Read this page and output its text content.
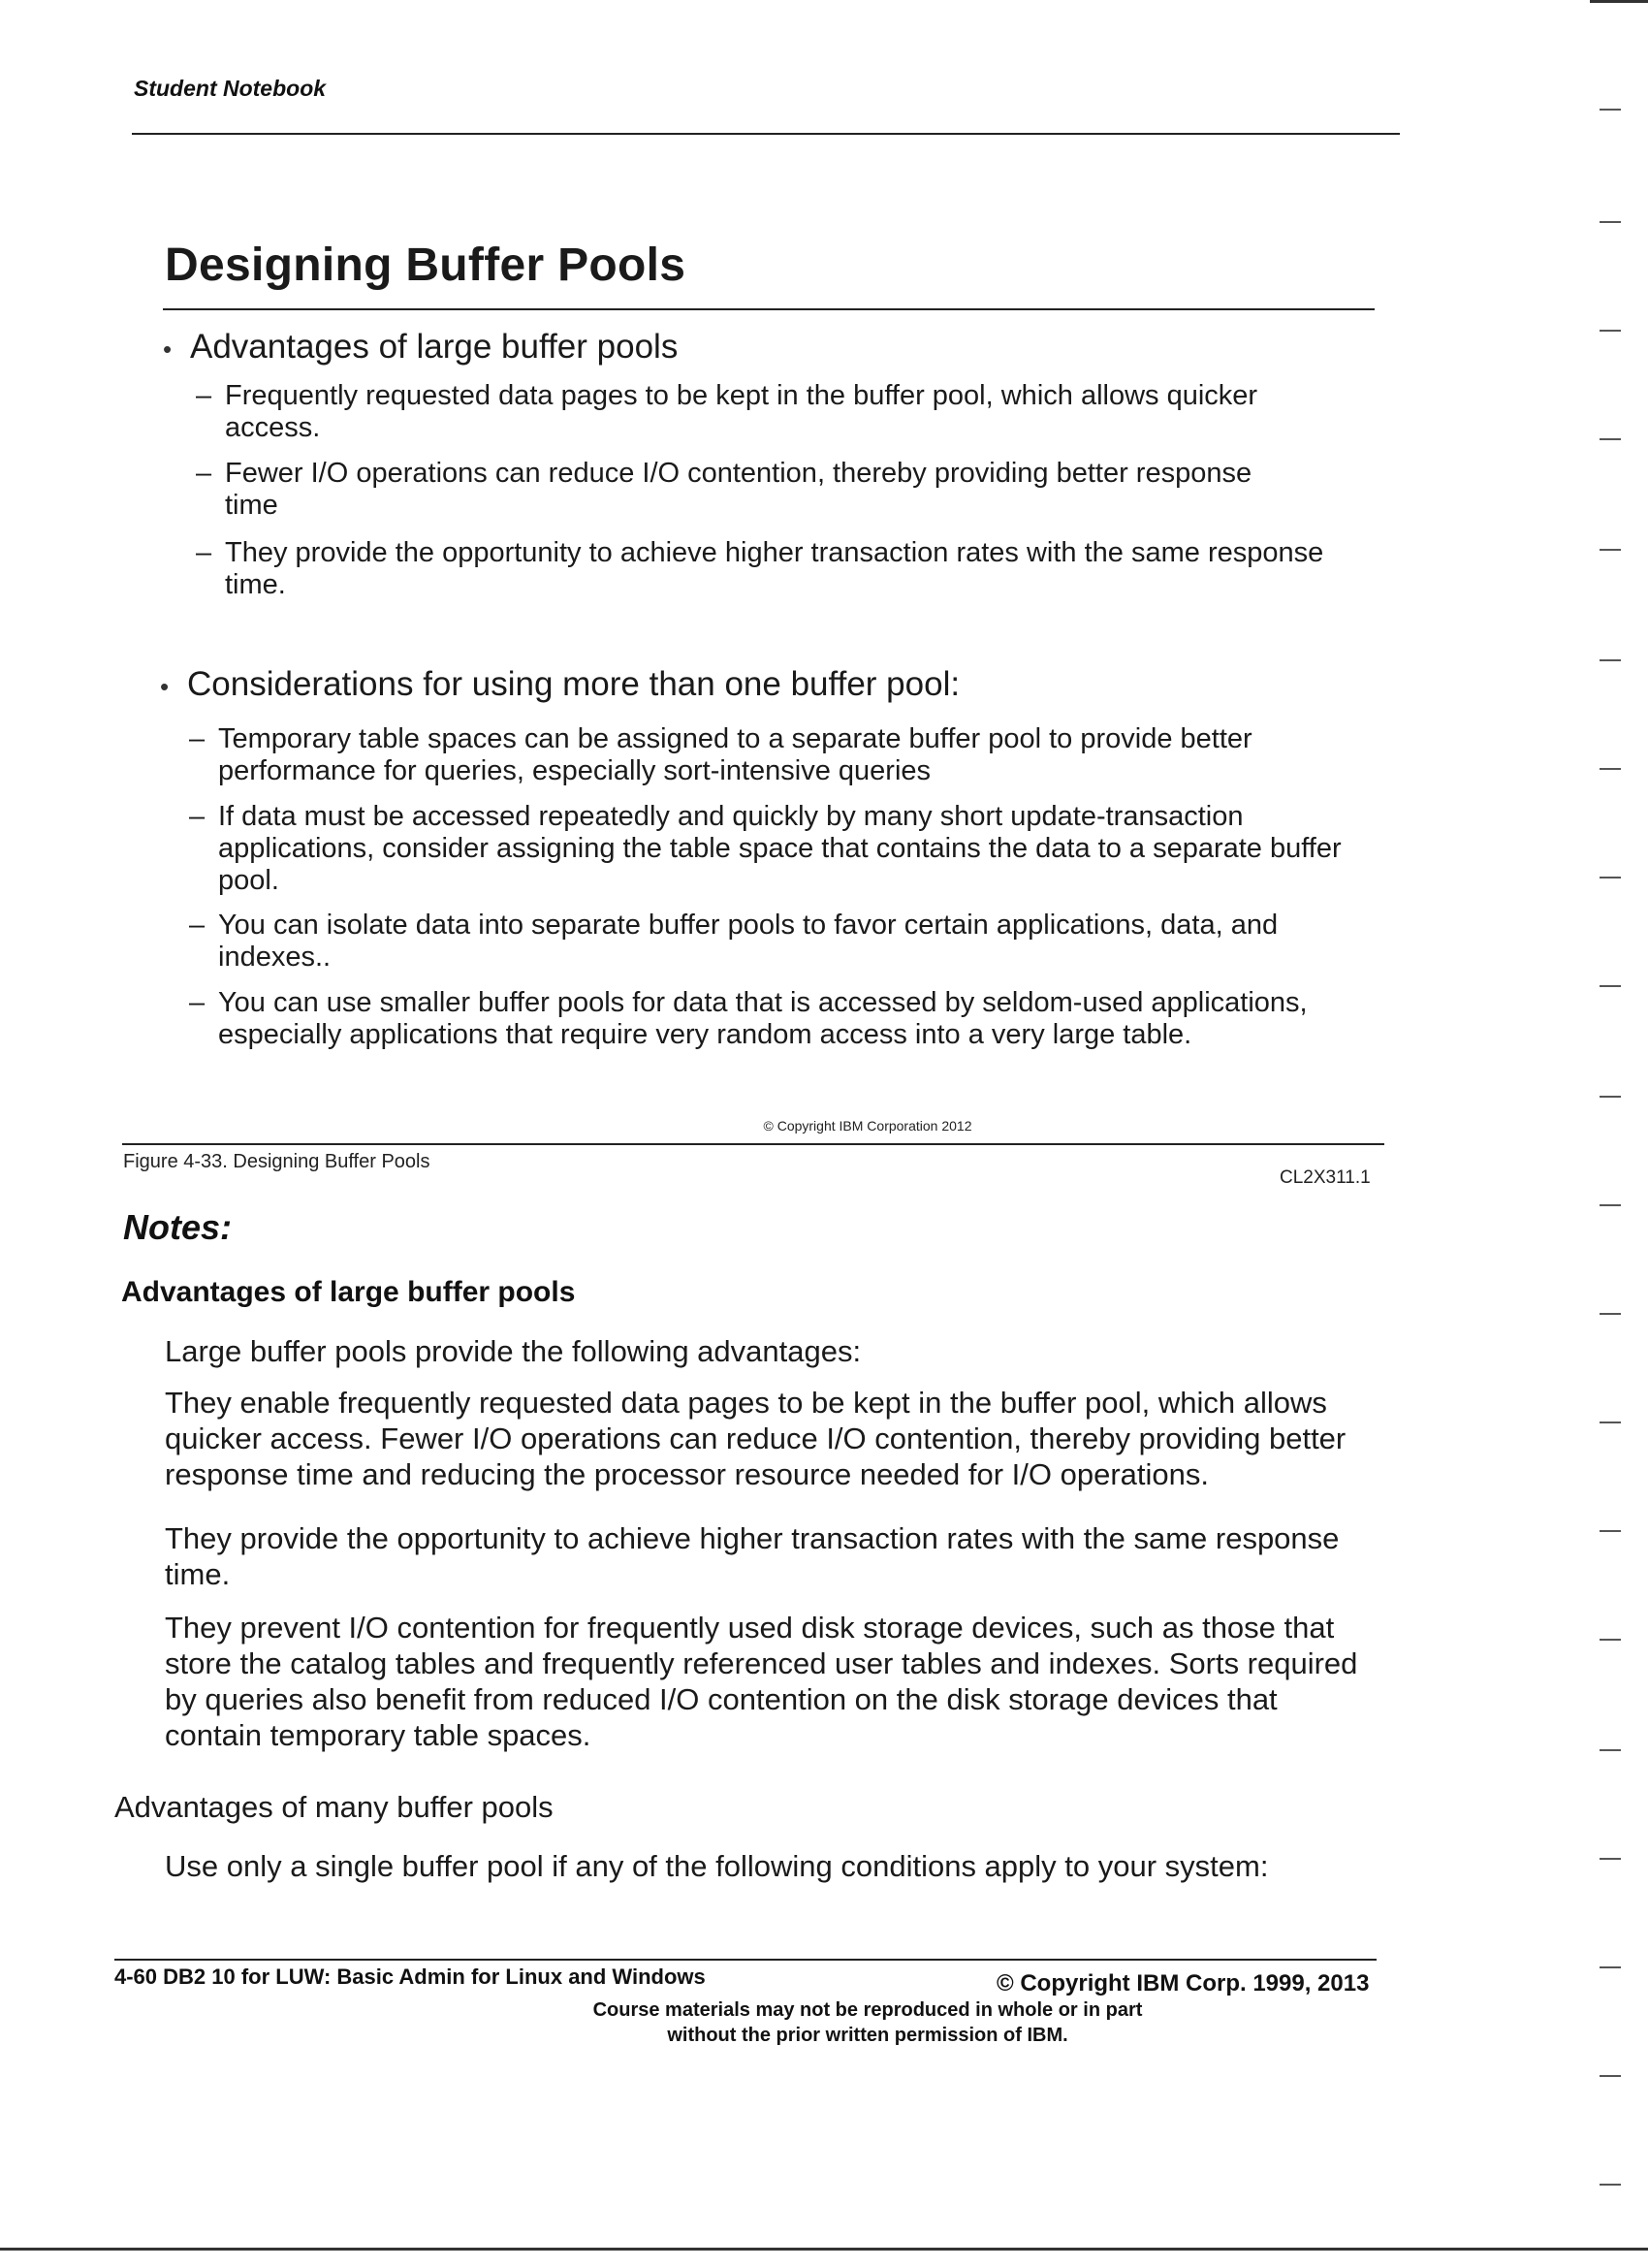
Student Notebook
Designing Buffer Pools
• Advantages of large buffer pools
– Frequently requested data pages to be kept in the buffer pool, which allows quicker access.
– Fewer I/O operations can reduce I/O contention, thereby providing better response time
– They provide the opportunity to achieve higher transaction rates with the same response time.
• Considerations for using more than one buffer pool:
– Temporary table spaces can be assigned to a separate buffer pool to provide better performance for queries, especially sort-intensive queries
– If data must be accessed repeatedly and quickly by many short update-transaction applications, consider assigning the table space that contains the data to a separate buffer pool.
– You can isolate data into separate buffer pools to favor certain applications, data, and indexes..
– You can use smaller buffer pools for data that is accessed by seldom-used applications, especially applications that require very random access into a very large table.
© Copyright IBM Corporation 2012
Figure 4-33. Designing Buffer Pools
CL2X311.1
Notes:
Advantages of large buffer pools
Large buffer pools provide the following advantages:
They enable frequently requested data pages to be kept in the buffer pool, which allows quicker access. Fewer I/O operations can reduce I/O contention, thereby providing better response time and reducing the processor resource needed for I/O operations.
They provide the opportunity to achieve higher transaction rates with the same response time.
They prevent I/O contention for frequently used disk storage devices, such as those that store the catalog tables and frequently referenced user tables and indexes. Sorts required by queries also benefit from reduced I/O contention on the disk storage devices that contain temporary table spaces.
Advantages of many buffer pools
Use only a single buffer pool if any of the following conditions apply to your system:
4-60 DB2 10 for LUW: Basic Admin for Linux and Windows	© Copyright IBM Corp. 1999, 2013
Course materials may not be reproduced in whole or in part
without the prior written permission of IBM.
